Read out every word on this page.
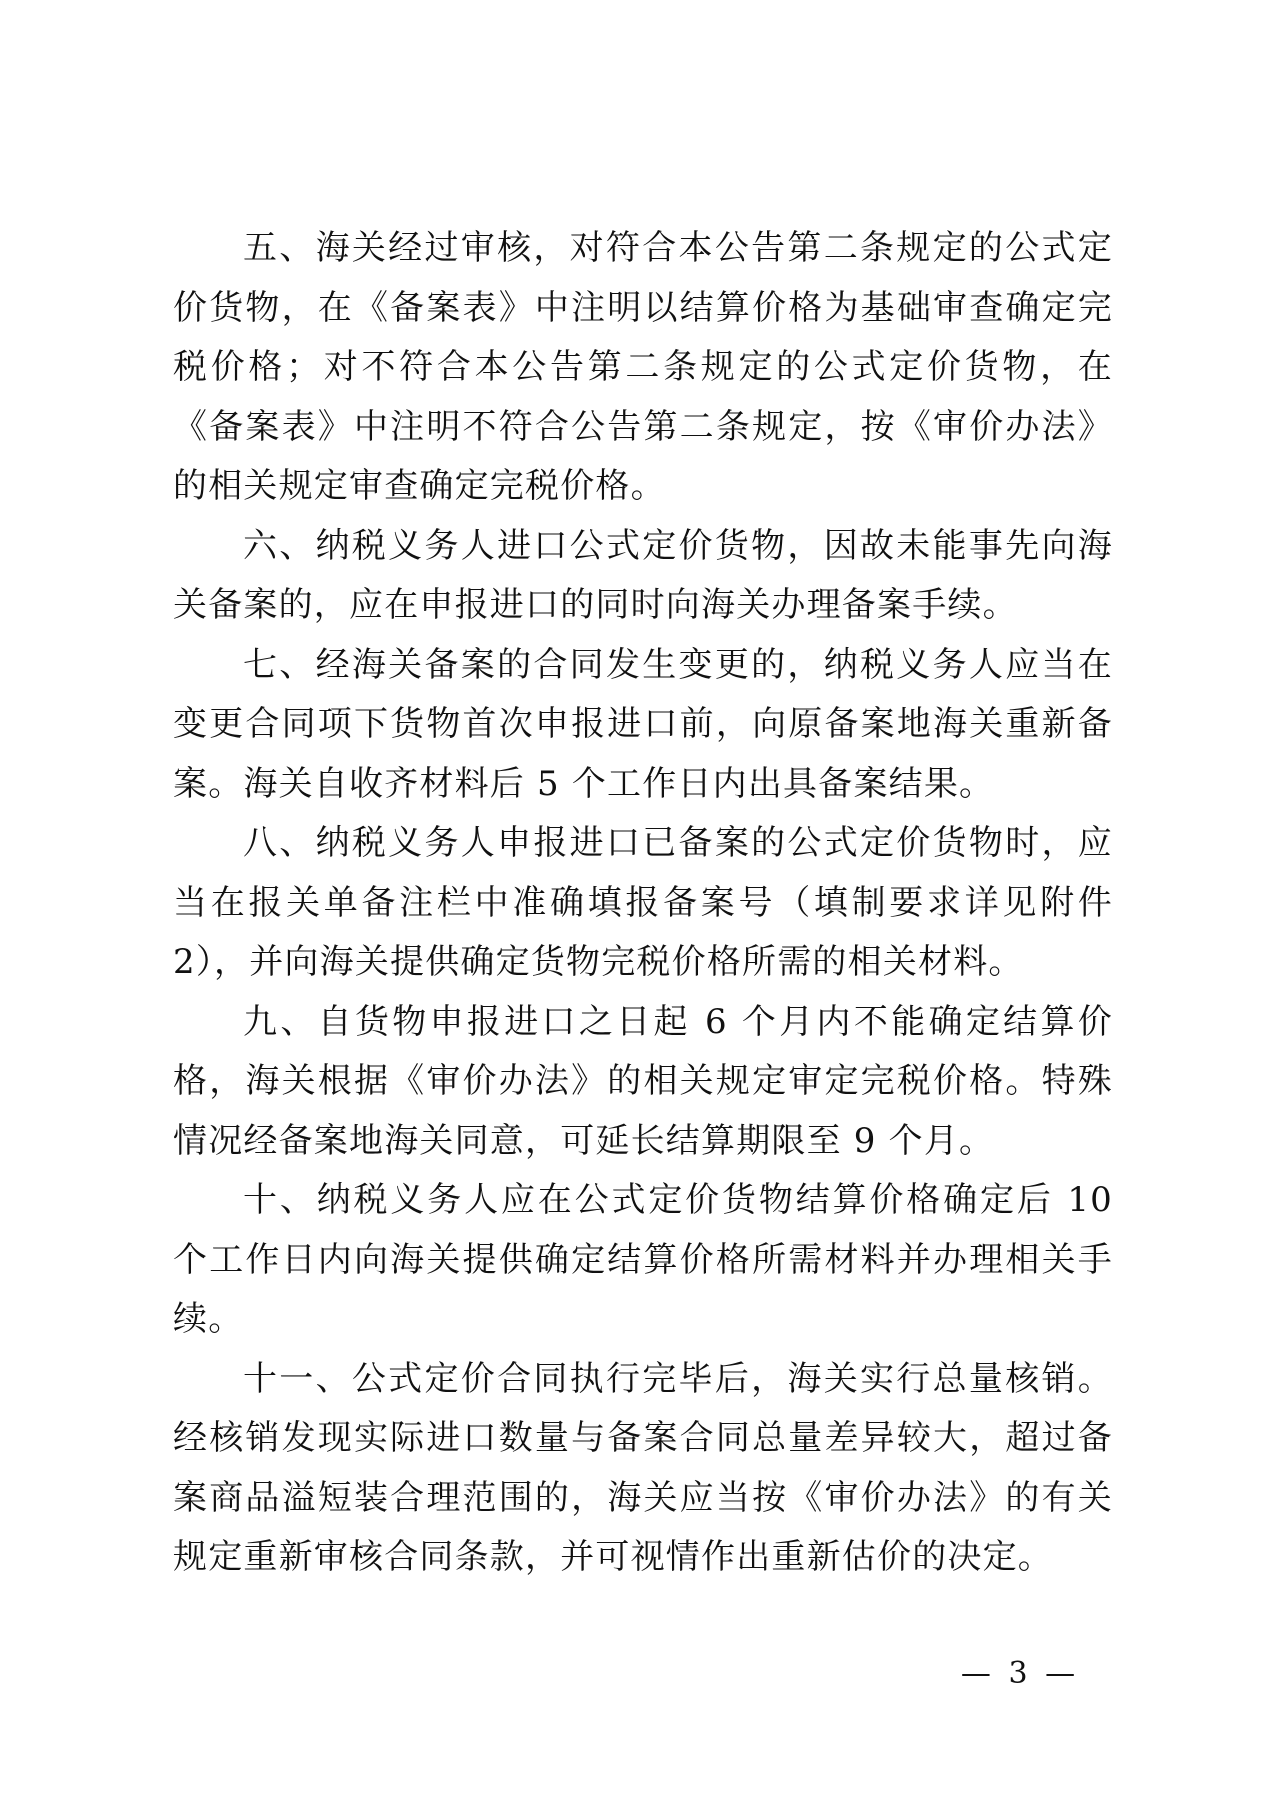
五、海关经过审核，对符合本公告第二条规定的公式定价货物，在《备案表》中注明以结算价格为基础审查确定完税价格；对不符合本公告第二条规定的公式定价货物，在《备案表》中注明不符合公告第二条规定，按《审价办法》的相关规定审查确定完税价格。

六、纳税义务人进口公式定价货物，因故未能事先向海关备案的，应在申报进口的同时向海关办理备案手续。

七、经海关备案的合同发生变更的，纳税义务人应当在变更合同项下货物首次申报进口前，向原备案地海关重新备案。海关自收齐材料后 5 个工作日内出具备案结果。

八、纳税义务人申报进口已备案的公式定价货物时，应当在报关单备注栏中准确填报备案号（填制要求详见附件 2），并向海关提供确定货物完税价格所需的相关材料。

九、自货物申报进口之日起 6 个月内不能确定结算价格，海关根据《审价办法》的相关规定审定完税价格。特殊情况经备案地海关同意，可延长结算期限至 9 个月。

十、纳税义务人应在公式定价货物结算价格确定后 10 个工作日内向海关提供确定结算价格所需材料并办理相关手续。

十一、公式定价合同执行完毕后，海关实行总量核销。经核销发现实际进口数量与备案合同总量差异较大，超过备案商品溢短装合理范围的，海关应当按《审价办法》的有关规定重新审核合同条款，并可视情作出重新估价的决定。

— 3 —
